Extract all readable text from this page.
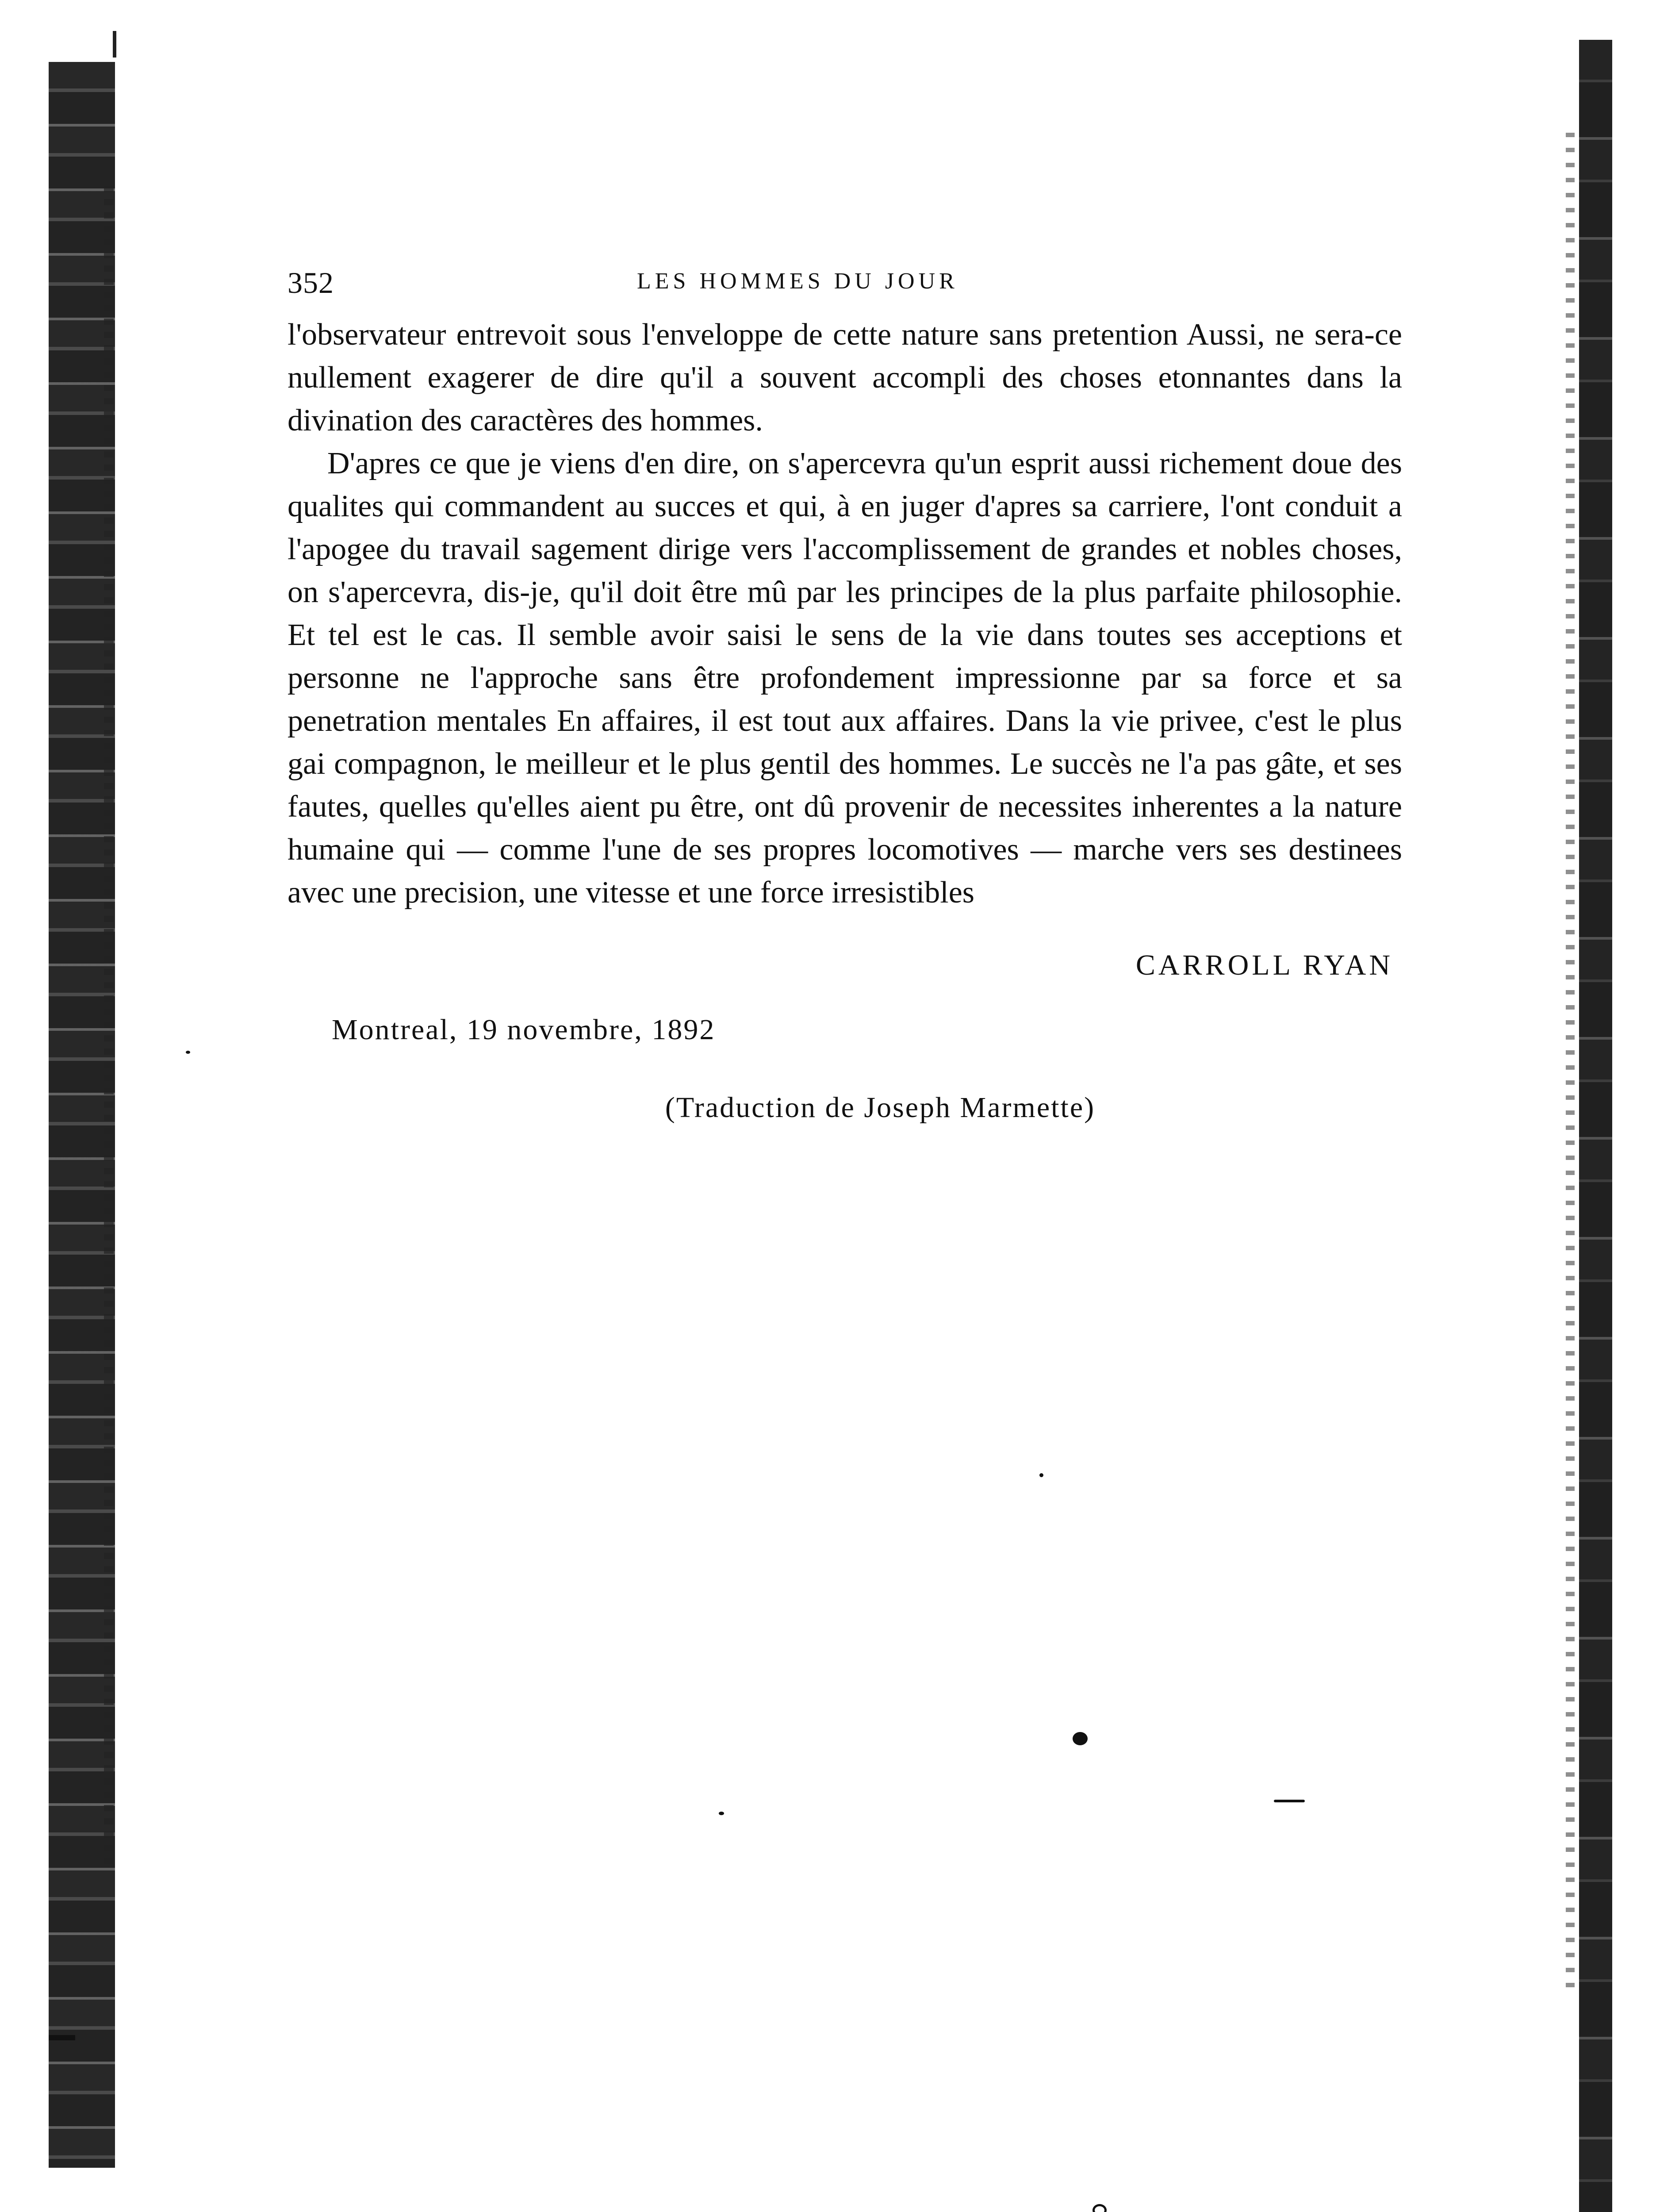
352	LES HOMMES DU JOUR

l'observateur entrevoit sous l'enveloppe de cette nature sans pretention Aussi, ne sera-ce nullement exagerer de dire qu'il a souvent accompli des choses etonnantes dans la divination des caractères des hommes.

D'apres ce que je viens d'en dire, on s'apercevra qu'un esprit aussi richement doue des qualites qui commandent au succes et qui, à en juger d'apres sa carriere, l'ont conduit a l'apogee du travail sagement dirige vers l'accomplissement de grandes et nobles choses, on s'apercevra, dis-je, qu'il doit être mû par les principes de la plus parfaite philosophie. Et tel est le cas. Il semble avoir saisi le sens de la vie dans toutes ses acceptions et personne ne l'approche sans être profondement impressionne par sa force et sa penetration mentales En affaires, il est tout aux affaires. Dans la vie privee, c'est le plus gai compagnon, le meilleur et le plus gentil des hommes. Le succès ne l'a pas gâte, et ses fautes, quelles qu'elles aient pu être, ont dû provenir de necessites inherentes a la nature humaine qui — comme l'une de ses propres locomotives — marche vers ses destinees avec une precision, une vitesse et une force irresistibles

CARROLL RYAN
Montreal, 19 novembre, 1892
(Traduction de Joseph Marmette)
